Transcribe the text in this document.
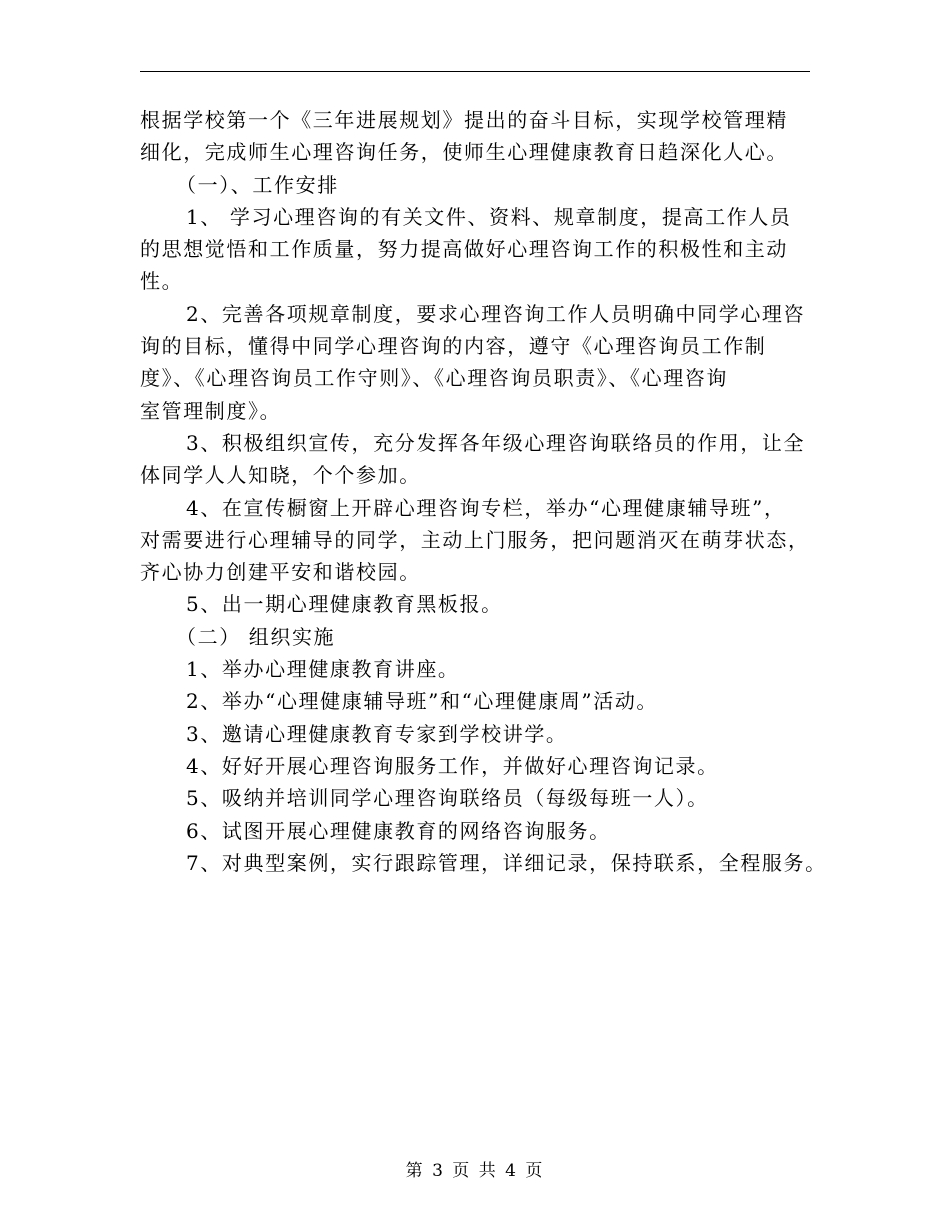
根据学校第一个《三年进展规划》提出的奋斗目标，实现学校管理精
细化，完成师生心理咨询任务，使师生心理健康教育日趋深化人心。
（一）、工作安排
1、 学习心理咨询的有关文件、资料、规章制度，提高工作人员
的思想觉悟和工作质量，努力提高做好心理咨询工作的积极性和主动
性。
2、完善各项规章制度，要求心理咨询工作人员明确中同学心理咨
询的目标，懂得中同学心理咨询的内容，遵守《心理咨询员工作制
度》、《心理咨询员工作守则》、《心理咨询员职责》、《心理咨询
室管理制度》。
3、积极组织宣传，充分发挥各年级心理咨询联络员的作用，让全
体同学人人知晓，个个参加。
4、在宣传橱窗上开辟心理咨询专栏，举办“心理健康辅导班”，
对需要进行心理辅导的同学，主动上门服务，把问题消灭在萌芽状态，
齐心协力创建平安和谐校园。
5、出一期心理健康教育黑板报。
（二） 组织实施
1、举办心理健康教育讲座。
2、举办“心理健康辅导班”和“心理健康周”活动。
3、邀请心理健康教育专家到学校讲学。
4、好好开展心理咨询服务工作，并做好心理咨询记录。
5、吸纳并培训同学心理咨询联络员（每级每班一人）。
6、试图开展心理健康教育的网络咨询服务。
7、对典型案例，实行跟踪管理，详细记录，保持联系，全程服务。
第 3 页 共 4 页
